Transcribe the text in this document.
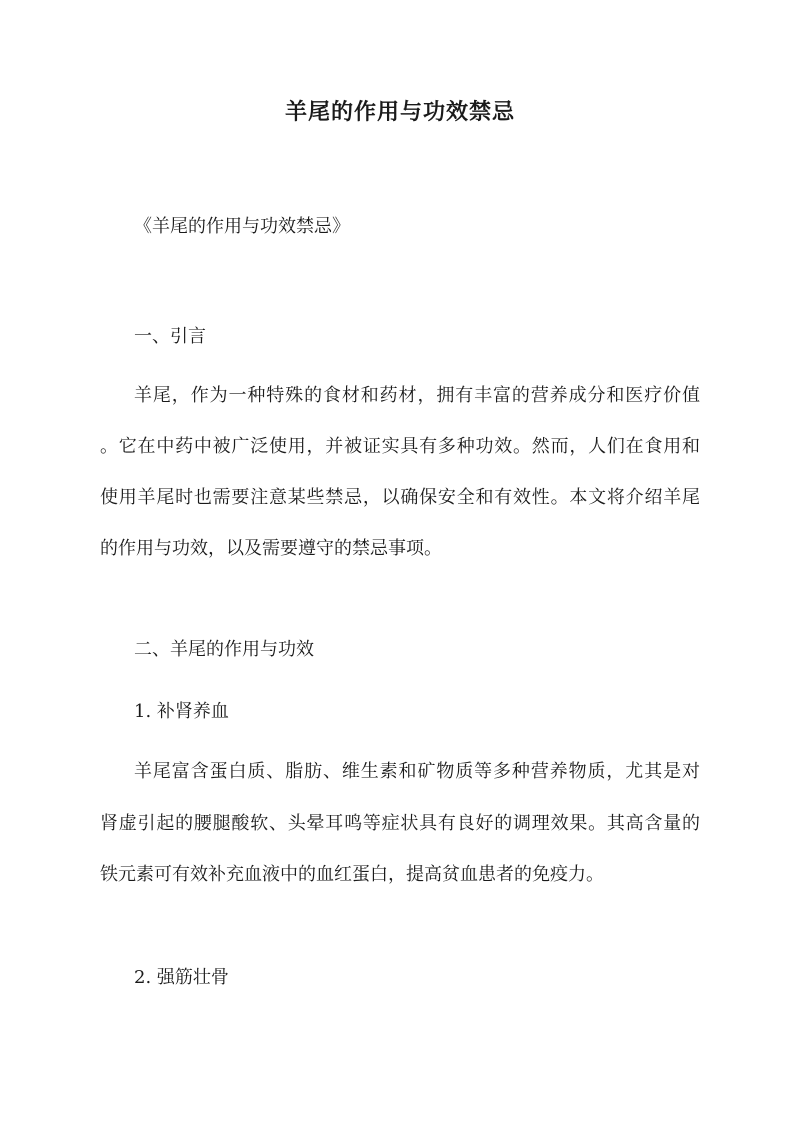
羊尾的作用与功效禁忌
《羊尾的作用与功效禁忌》
一、引言
羊尾，作为一种特殊的食材和药材，拥有丰富的营养成分和医疗价值
。它在中药中被广泛使用，并被证实具有多种功效。然而，人们在食用和
使用羊尾时也需要注意某些禁忌，以确保安全和有效性。本文将介绍羊尾
的作用与功效，以及需要遵守的禁忌事项。
二、羊尾的作用与功效
1. 补肾养血
羊尾富含蛋白质、脂肪、维生素和矿物质等多种营养物质，尤其是对
肾虚引起的腰腿酸软、头晕耳鸣等症状具有良好的调理效果。其高含量的
铁元素可有效补充血液中的血红蛋白，提高贫血患者的免疫力。
2. 强筋壮骨
